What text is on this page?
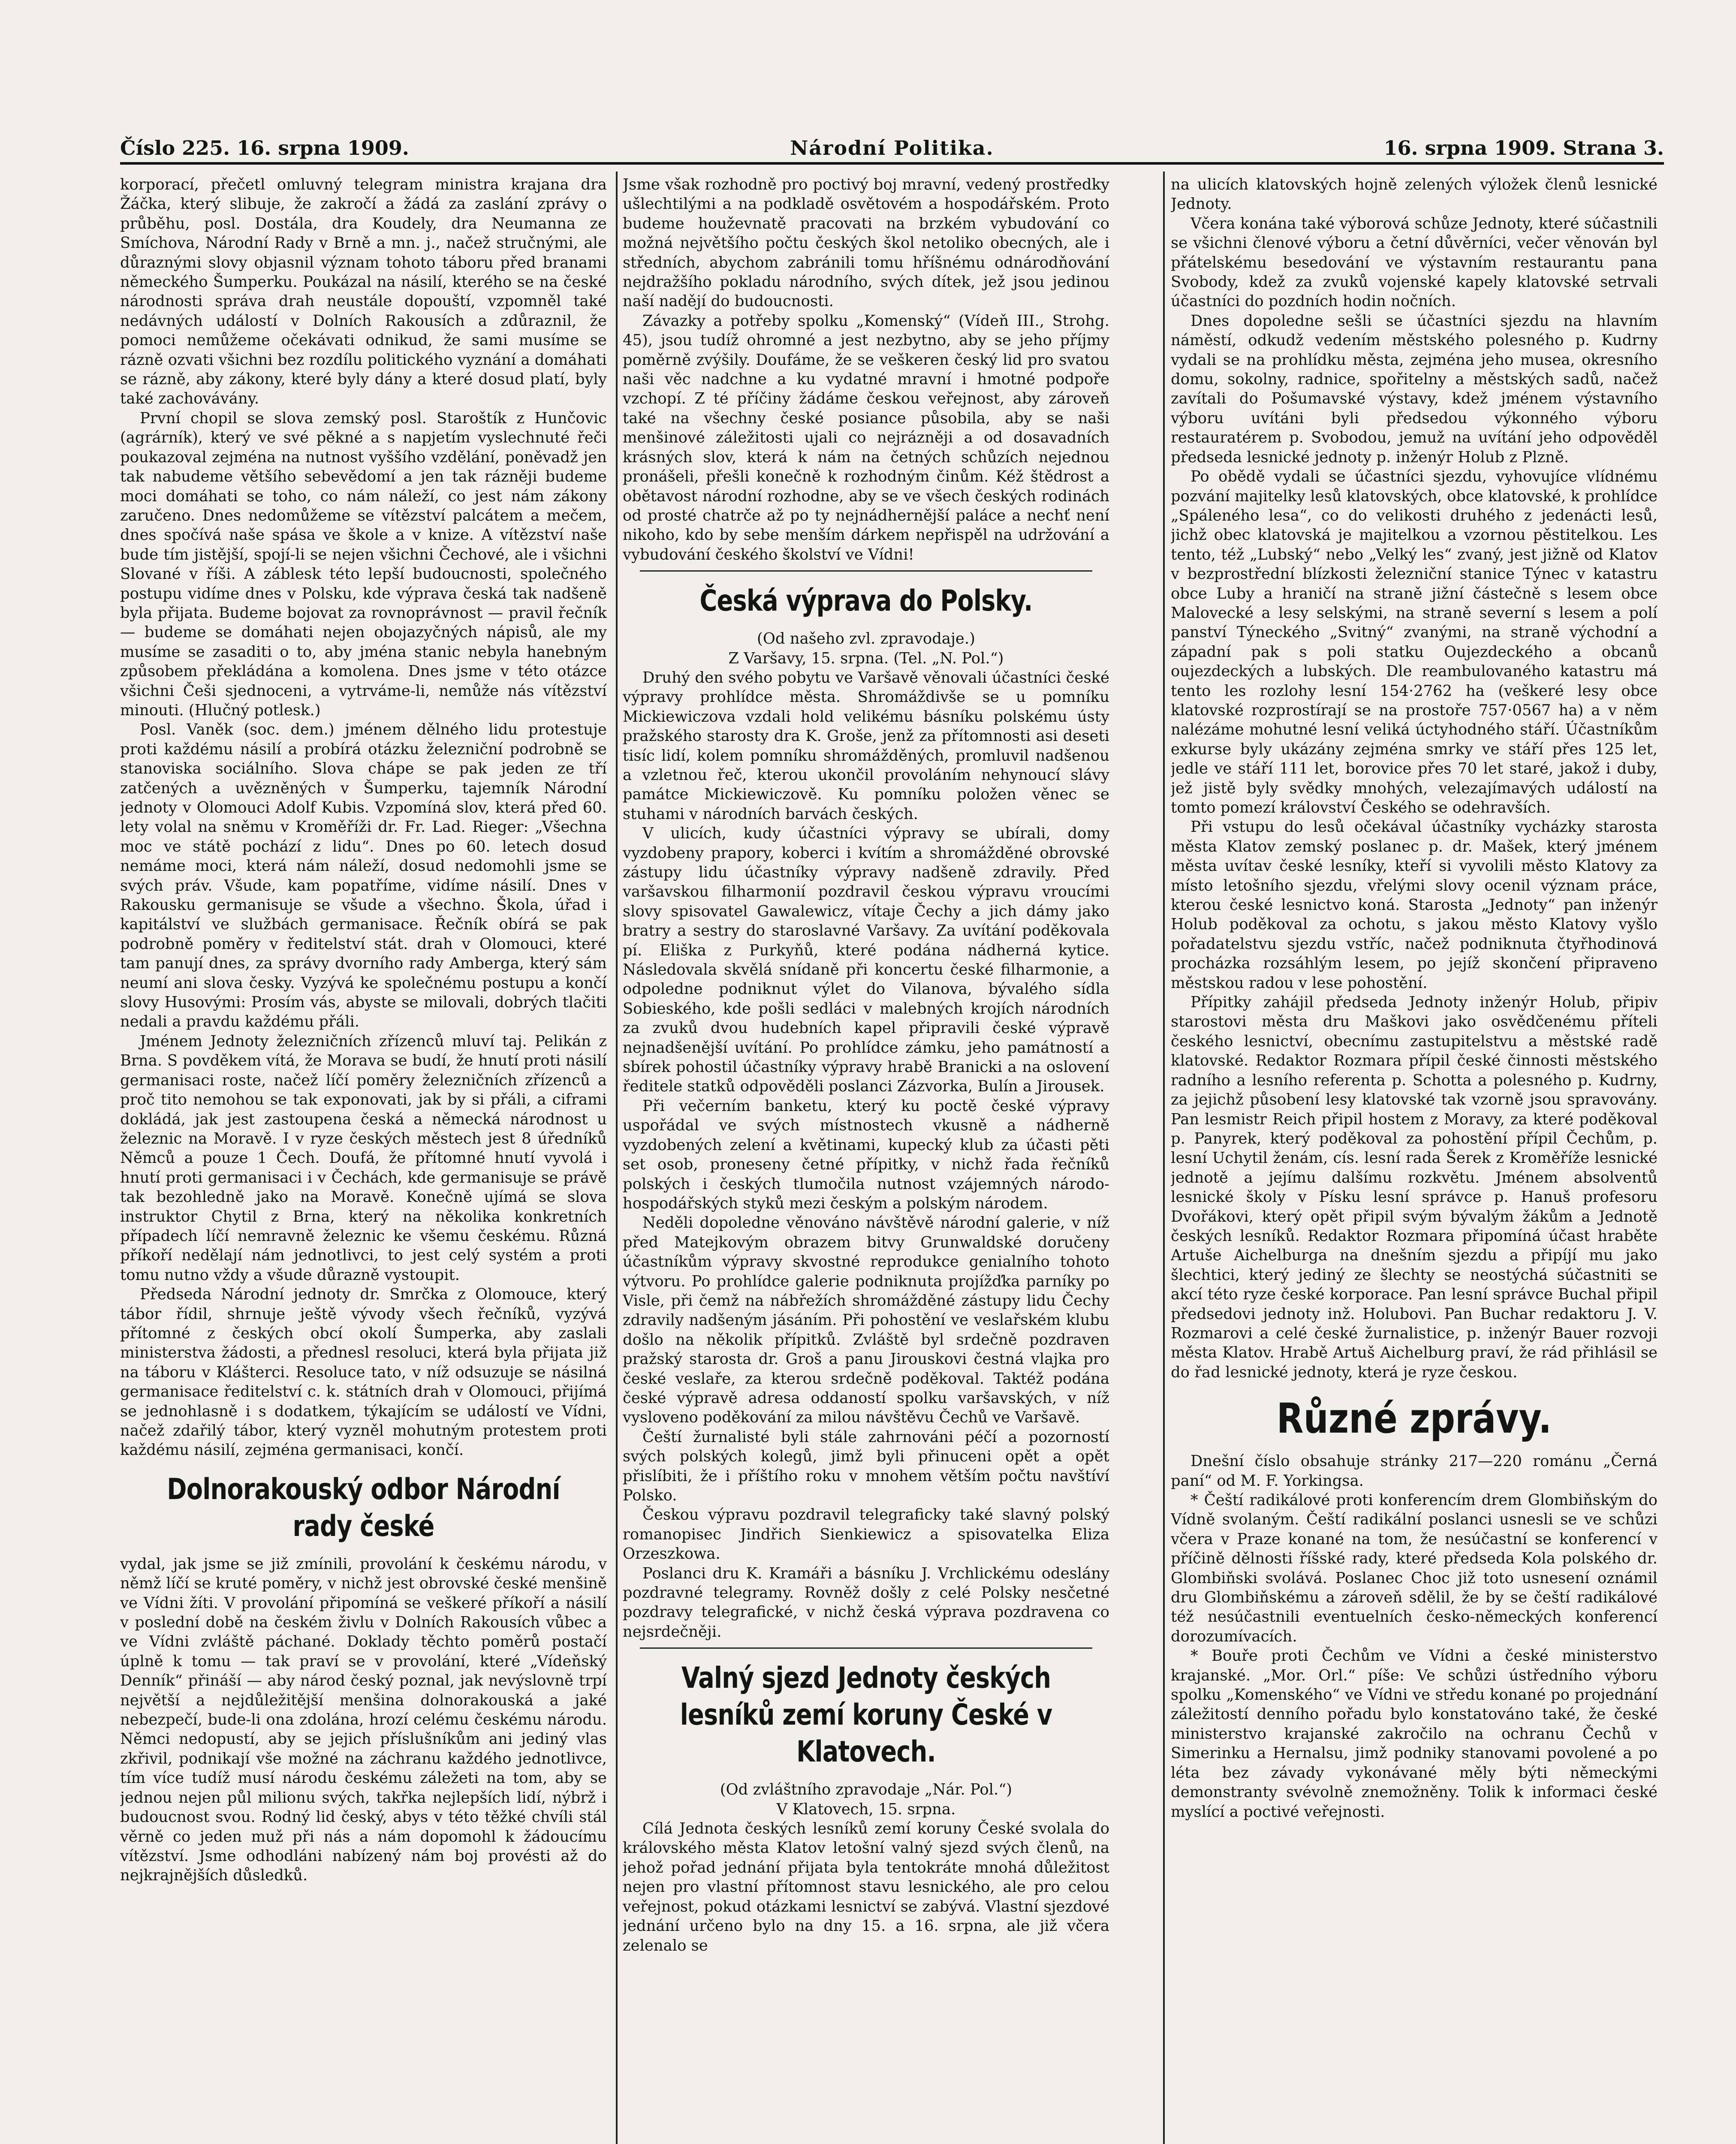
Číslo 225. 16. srpna 1909.	Národní Politika.	16. srpna 1909. Strana 3.

korporací, přečetl omluvný telegram ministra krajana dra Žáčka, který slibuje, že zakročí a žádá za zaslání zprávy o průběhu, posl. Dostála, dra Koudely, dra Neumanna ze Smíchova, Národní Rady v Brně a mn. j., načež stručnými, ale důraznými slovy objasnil význam tohoto táboru před branami německého Šumperku. Poukázal na násilí, kterého se na české národnosti správa drah neustále dopouští, vzpomněl také nedávných událostí v Dolních Rakousích a zdůraznil, že pomoci nemůžeme očekávati odnikud, že sami musíme se rázně ozvati všichni bez rozdílu politického vyznání a domáhati se rázně, aby zákony, které byly dány a které dosud platí, byly také zachovávány.

První chopil se slova zemský posl. Staroštík z Hunčovic (agrárník), který ve své pěkné a s napjetím vyslechnuté řeči poukazoval zejména na nutnost vyššího vzdělání, poněvadž jen tak nabudeme většího sebevědomí a jen tak rázněji budeme moci domáhati se toho, co nám náleží, co jest nám zákony zaručeno. Dnes nedomůžeme se vítězství palcátem a mečem, dnes spočívá naše spása ve škole a v knize. A vítězství naše bude tím jistější, spojí-li se nejen všichni Čechové, ale i všichni Slované v říši. A záblesk této lepší budoucnosti, společného postupu vidíme dnes v Polsku, kde výprava česká tak nadšeně byla přijata. Budeme bojovat za rovnoprávnost — pravil řečník — budeme se domáhati nejen obojazyčných nápisů, ale my musíme se zasaditi o to, aby jména stanic nebyla hanebným způsobem překládána a komolena. Dnes jsme v této otázce všichni Češi sjednoceni, a vytrváme-li, nemůže nás vítězství minouti. (Hlučný potlesk.)

Posl. Vaněk (soc. dem.) jménem dělného lidu protestuje proti každému násilí a probírá otázku železniční podrobně se stanoviska sociálního. Slova chápe se pak jeden ze tří zatčených a uvězněných v Šumperku, tajemník Národní jednoty v Olomouci Adolf Kubis. Vzpomíná slov, která před 60. lety volal na sněmu v Kroměříži dr. Fr. Lad. Rieger: „Všechna moc ve státě pochází z lidu“. Dnes po 60. letech dosud nemáme moci, která nám náleží, dosud nedomohli jsme se svých práv. Všude, kam popatříme, vidíme násilí. Dnes v Rakousku germanisuje se všude a všechno. Škola, úřad i kapitálství ve službách germanisace. Řečník obírá se pak podrobně poměry v ředitelství stát. drah v Olomouci, které tam panují dnes, za správy dvorního rady Amberga, který sám neumí ani slova česky. Vyzývá ke společnému postupu a končí slovy Husovými: Prosím vás, abyste se milovali, dobrých tlačiti nedali a pravdu každému přáli.

Jménem Jednoty železničních zřízenců mluví taj. Pelikán z Brna. S povděkem vítá, že Morava se budí, že hnutí proti násilí germanisaci roste, načež líčí poměry železničních zřízenců a proč tito nemohou se tak exponovati, jak by si přáli, a ciframi dokládá, jak jest zastoupena česká a německá národnost u železnic na Moravě. I v ryze českých městech jest 8 úředníků Němců a pouze 1 Čech. Doufá, že přítomné hnutí vyvolá i hnutí proti germanisaci i v Čechách, kde germanisuje se právě tak bezohledně jako na Moravě. Konečně ujímá se slova instruktor Chytil z Brna, který na několika konkretních případech líčí nemravně železnic ke všemu českému. Různá příkoří nedělají nám jednotlivci, to jest celý systém a proti tomu nutno vždy a všude důrazně vystoupit.

Předseda Národní jednoty dr. Smrčka z Olomouce, který tábor řídil, shrnuje ještě vývody všech řečníků, vyzývá přítomné z českých obcí okolí Šumperka, aby zaslali ministerstva žádosti, a přednesl resoluci, která byla přijata již na táboru v Klášterci. Resoluce tato, v níž odsuzuje se násilná germanisace ředitelství c. k. státních drah v Olomouci, přijímá se jednohlasně i s dodatkem, týkajícím se událostí ve Vídni, načež zdařilý tábor, který vyzněl mohutným protestem proti každému násilí, zejména germanisaci, končí.

Dolnorakouský odbor Národní rady české

vydal, jak jsme se již zmínili, provolání k českému národu, v němž líčí se kruté poměry, v nichž jest obrovské české menšině ve Vídni žíti. V provolání připomíná se veškeré příkoří a násilí v poslední době na českém živlu v Dolních Rakousích vůbec a ve Vídni zvláště páchané. Doklady těchto poměrů postačí úplně k tomu — tak praví se v provolání, které „Vídeňský Denník“ přináší — aby národ český poznal, jak nevýslovně trpí největší a nejdůležitější menšina dolnorakouská a jaké nebezpečí, bude-li ona zdolána, hrozí celému českému národu. Němci nedopustí, aby se jejich příslušníkům ani jediný vlas zkřivil, podnikají vše možné na záchranu každého jednotlivce, tím více tudíž musí národu českému záležeti na tom, aby se jednou nejen půl milionu svých, takřka nejlepších lidí, nýbrž i budoucnost svou. Rodný lid český, abys v této těžké chvíli stál věrně co jeden muž při nás a nám dopomohl k žádoucímu vítězství. Jsme odhodláni nabízený nám boj provésti až do nejkrajnějších důsledků.

Jsme však rozhodně pro poctivý boj mravní, vedený prostředky ušlechtilými a na podkladě osvětovém a hospodářském. Proto budeme houževnatě pracovati na brzkém vybudování co možná největšího počtu českých škol netoliko obecných, ale i středních, abychom zabránili tomu hříšnému odnárodňování nejdražšího pokladu národního, svých dítek, jež jsou jedinou naší nadějí do budoucnosti.

Závazky a potřeby spolku „Komenský“ (Vídeň III., Strohg. 45), jsou tudíž ohromné a jest nezbytno, aby se jeho příjmy poměrně zvýšily. Doufáme, že se veškeren český lid pro svatou naši věc nadchne a ku vydatné mravní i hmotné podpoře vzchopí. Z té příčiny žádáme českou veřejnost, aby zároveň také na všechny české posiance působila, aby se naši menšinové záležitosti ujali co nejrázněji a od dosavadních krásných slov, která k nám na četných schůzích nejednou pronášeli, přešli konečně k rozhodným činům. Kéž štědrost a obětavost národní rozhodne, aby se ve všech českých rodinách od prosté chatrče až po ty nejnádhernější paláce a nechť není nikoho, kdo by sebe menším dárkem nepřispěl na udržování a vybudování českého školství ve Vídni!

Česká výprava do Polsky.

(Od našeho zvl. zpravodaje.)

Z Varšavy, 15. srpna. (Tel. „N. Pol.“)

Druhý den svého pobytu ve Varšavě věnovali účastníci české výpravy prohlídce města. Shromáždivše se u pomníku Mickiewiczova vzdali hold velikému básníku polskému ústy pražského starosty dra K. Groše, jenž za přítomnosti asi deseti tisíc lidí, kolem pomníku shromážděných, promluvil nadšenou a vzletnou řeč, kterou ukončil provoláním nehynoucí slávy památce Mickiewiczově. Ku pomníku položen věnec se stuhami v národních barvách českých.

V ulicích, kudy účastníci výpravy se ubírali, domy vyzdobeny prapory, koberci i kvítím a shromážděné obrovské zástupy lidu účastníky výpravy nadšeně zdravily. Před varšavskou filharmonií pozdravil českou výpravu vroucími slovy spisovatel Gawalewicz, vítaje Čechy a jich dámy jako bratry a sestry do staroslavné Varšavy. Za uvítání poděkovala pí. Eliška z Purkyňů, které podána nádherná kytice. Následovala skvělá snídaně při koncertu české filharmonie, a odpoledne podniknut výlet do Vilanova, bývalého sídla Sobieského, kde pošli sedláci v malebných krojích národních za zvuků dvou hudebních kapel připravili české výpravě nejnadšenější uvítání. Po prohlídce zámku, jeho památností a sbírek pohostil účastníky výpravy hrabě Branicki a na oslovení ředitele statků odpověděli poslanci Zázvorka, Bulín a Jirousek.

Při večerním banketu, který ku poctě české výpravy uspořádal ve svých místnostech vkusně a nádherně vyzdobených zelení a květinami, kupecký klub za účasti pěti set osob, proneseny četné přípitky, v nichž řada řečníků polských i českých tlumočila nutnost vzájemných národohospodářských styků mezi českým a polským národem.

Neděli dopoledne věnováno návštěvě národní galerie, v níž před Matejkovým obrazem bitvy Grunwaldské doručeny účastníkům výpravy skvostné reprodukce genialního tohoto výtvoru. Po prohlídce galerie podniknuta projížďka parníky po Visle, při čemž na nábřežích shromážděné zástupy lidu Čechy zdravily nadšeným jásáním. Při pohostění ve veslařském klubu došlo na několik přípitků. Zvláště byl srdečně pozdraven pražský starosta dr. Groš a panu Jirouskovi čestná vlajka pro české veslaře, za kterou srdečně poděkoval. Taktéž podána české výpravě adresa oddaností spolku varšavských, v níž vysloveno poděkování za milou návštěvu Čechů ve Varšavě.

Čeští žurnalisté byli stále zahrnováni péčí a pozorností svých polských kolegů, jimž byli přinuceni opět a opět přislíbiti, že i příštího roku v mnohem větším počtu navštíví Polsko.

Českou výpravu pozdravil telegraficky také slavný polský romanopisec Jindřich Sienkiewicz a spisovatelka Eliza Orzeszkowa.

Poslanci dru K. Kramáři a básníku J. Vrchlickému odeslány pozdravné telegramy. Rovněž došly z celé Polsky nesčetné pozdravy telegrafické, v nichž česká výprava pozdravena co nejsrdečněji.

Valný sjezd Jednoty českých lesníků zemí koruny České v Klatovech.

(Od zvláštního zpravodaje „Nár. Pol.“)

V Klatovech, 15. srpna.

Cílá Jednota českých lesníků zemí koruny České svolala do královského města Klatov letošní valný sjezd svých členů, na jehož pořad jednání přijata byla tentokráte mnohá důležitost nejen pro vlastní přítomnost stavu lesnického, ale pro celou veřejnost, pokud otázkami lesnictví se zabývá. Vlastní sjezdové jednání určeno bylo na dny 15. a 16. srpna, ale již včera zelenalo se

na ulicích klatovských hojně zelených výložek členů lesnické Jednoty.

Včera konána také výborová schůze Jednoty, které súčastnili se všichni členové výboru a četní důvěrníci, večer věnován byl přátelskému besedování ve výstavním restaurantu pana Svobody, kdež za zvuků vojenské kapely klatovské setrvali účastníci do pozdních hodin nočních.

Dnes dopoledne sešli se účastníci sjezdu na hlavním náměstí, odkudž vedením městského polesného p. Kudrny vydali se na prohlídku města, zejména jeho musea, okresního domu, sokolny, radnice, spořitelny a městských sadů, načež zavítali do Pošumavské výstavy, kdež jménem výstavního výboru uvítáni byli předsedou výkonného výboru restauratérem p. Svobodou, jemuž na uvítání jeho odpověděl předseda lesnické jednoty p. inženýr Holub z Plzně.

Po obědě vydali se účastníci sjezdu, vyhovujíce vlídnému pozvání majitelky lesů klatovských, obce klatovské, k prohlídce „Spáleného lesa“, co do velikosti druhého z jedenácti lesů, jichž obec klatovská je majitelkou a vzornou pěstitelkou. Les tento, též „Lubský“ nebo „Velký les“ zvaný, jest jižně od Klatov v bezprostřední blízkosti železniční stanice Týnec v katastru obce Luby a hraničí na straně jižní částečně s lesem obce Malovecké a lesy selskými, na straně severní s lesem a polí panství Týneckého „Svitný“ zvanými, na straně východní a západní pak s poli statku Oujezdeckého a obcanů oujezdeckých a lubských. Dle reambulovaného katastru má tento les rozlohy lesní 154·2762 ha (veškeré lesy obce klatovské rozprostírají se na prostoře 757·0567 ha) a v něm nalézáme mohutné lesní veliká úctyhodného stáří. Účastníkům exkurse byly ukázány zejména smrky ve stáří přes 125 let, jedle ve stáří 111 let, borovice přes 70 let staré, jakož i duby, jež jistě byly svědky mnohých, velezajímavých událostí na tomto pomezí království Českého se odehravších.

Při vstupu do lesů očekával účastníky vycházky starosta města Klatov zemský poslanec p. dr. Mašek, který jménem města uvítav české lesníky, kteří si vyvolili město Klatovy za místo letošního sjezdu, vřelými slovy ocenil význam práce, kterou české lesnictvo koná. Starosta „Jednoty“ pan inženýr Holub poděkoval za ochotu, s jakou město Klatovy vyšlo pořadatelstvu sjezdu vstříc, načež podniknuta čtyřhodinová procházka rozsáhlým lesem, po jejíž skončení připraveno městskou radou v lese pohostění.

Přípitky zahájil předseda Jednoty inženýr Holub, připiv starostovi města dru Maškovi jako osvědčenému příteli českého lesnictví, obecnímu zastupitelstvu a městské radě klatovské. Redaktor Rozmara přípil české činnosti městského radního a lesního referenta p. Schotta a polesného p. Kudrny, za jejichž působení lesy klatovské tak vzorně jsou spravovány. Pan lesmistr Reich připil hostem z Moravy, za které poděkoval p. Panyrek, který poděkoval za pohostění přípil Čechům, p. lesní Uchytil ženám, cís. lesní rada Šerek z Kroměříže lesnické jednotě a jejímu dalšímu rozkvětu. Jménem absolventů lesnické školy v Písku lesní správce p. Hanuš profesoru Dvořákovi, který opět připil svým bývalým žákům a Jednotě českých lesníků. Redaktor Rozmara připomíná účast hraběte Artuše Aichelburga na dnešním sjezdu a připíjí mu jako šlechtici, který jediný ze šlechty se neostýchá súčastniti se akcí této ryze české korporace. Pan lesní správce Buchal připil předsedovi jednoty inž. Holubovi. Pan Buchar redaktoru J. V. Rozmarovi a celé české žurnalistice, p. inženýr Bauer rozvoji města Klatov. Hrabě Artuš Aichelburg praví, že rád přihlásil se do řad lesnické jednoty, která je ryze českou.

Různé zprávy.

Dnešní číslo obsahuje stránky 217—220 románu „Černá paní“ od M. F. Yorkingsa.

* Čeští radikálové proti konferencím drem Glombiňským do Vídně svolaným. Čeští radikální poslanci usnesli se ve schůzi včera v Praze konané na tom, že nesúčastní se konferencí v příčině dělnosti říšské rady, které předseda Kola polského dr. Glombiňski svolává. Poslanec Choc již toto usnesení oznámil dru Glombiňskému a zároveň sdělil, že by se čeští radikálové též nesúčastnili eventuelních česko-německých konferencí dorozumívacích.

* Bouře proti Čechům ve Vídni a české ministerstvo krajanské. „Mor. Orl.“ píše: Ve schůzi ústředního výboru spolku „Komenského“ ve Vídni ve středu konané po projednání záležitostí denního pořadu bylo konstatováno také, že české ministerstvo krajanské zakročilo na ochranu Čechů v Simerinku a Hernalsu, jimž podniky stanovami povolené a po léta bez závady vykonávané měly býti německými demonstranty svévolně znemožněny. Tolik k informaci české myslící a poctivé veřejnosti.
